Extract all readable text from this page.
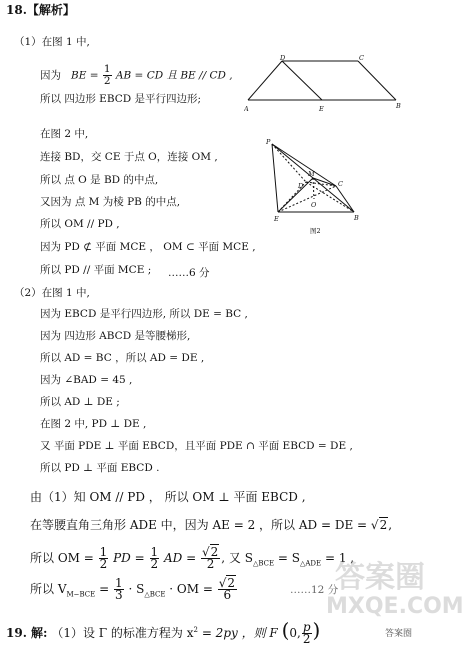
18.【解析】
（1）在图 1 中,
因为 BE = $\frac{1}{2}$ AB = CD 且 BE // CD ,
所以 四边形 EBCD 是平行四边形;
D	C
A	E	B
在图 2 中,
连接 BD，交 CE 于点 O，连接 OM ,
所以 点 O 是 BD 的中点,
又因为 点 M 为棱 PB 的中点,
所以 OM // PD ,
因为 PD ⊄ 平面 MCE ， OM ⊂ 平面 MCE ,
所以 PD // 平面 MCE ; ……6 分
P
M
C
D
O
E	B
图2
（2）在图 1 中,
因为 EBCD 是平行四边形, 所以 DE = BC ,
因为 四边形 ABCD 是等腰梯形,
所以 AD = BC ，所以 AD = DE ,
因为 ∠BAD = 45 ,
所以 AD ⊥ DE ;
在图 2 中, PD ⊥ DE ,
又 平面 PDE ⊥ 平面 EBCD，且平面 PDE ∩ 平面 EBCD = DE ,
所以 PD ⊥ 平面 EBCD .
由（1）知 OM // PD ， 所以 OM ⊥ 平面 EBCD ,
在等腰直角三角形 ADE 中，因为 AE = 2 ，所以 AD = DE = √2,
所以 OM = $\frac{1}{2}$ PD = $\frac{1}{2}$ AD = $\frac{√2}{2}$ , 又 $S_{\triangle BCE} = S_{\triangle ADE} = 1$ ,
所以 $V_{M-BCE} = \frac{1}{3} \cdot S_{\triangle BCE}$ · OM = $\frac{√2}{6}$	……12 分
19. 解: （1）设 Γ 的标准方程为 $x^2 = 2py$ ，则 F (0, $\frac{p}{2}$ )
答案圈
MXQE.COM
答案圈
